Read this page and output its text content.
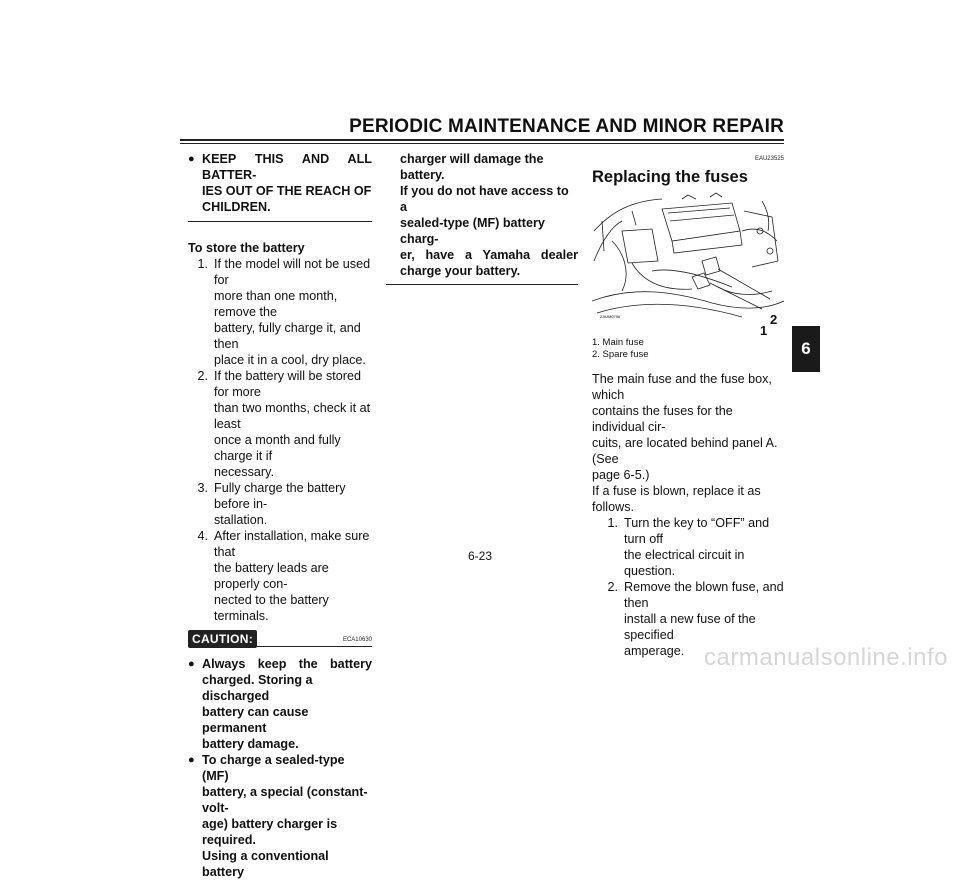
PERIODIC MAINTENANCE AND MINOR REPAIR
6
● KEEP THIS AND ALL BATTER-
IES OUT OF THE REACH OF
CHILDREN.
To store the battery
1. If the model will not be used for
more than one month, remove the
battery, fully charge it, and then
place it in a cool, dry place.
2. If the battery will be stored for more
than two months, check it at least
once a month and fully charge it if
necessary.
3. Fully charge the battery before in-
stallation.
4. After installation, make sure that
the battery leads are properly con-
nected to the battery terminals.
CAUTION:	ECA10630
● Always keep the battery
charged. Storing a discharged
battery can cause permanent
battery damage.
● To charge a sealed-type (MF)
battery, a special (constant-volt-
age) battery charger is required.
Using a conventional battery
charger will damage the battery.
If you do not have access to a
sealed-type (MF) battery charg-
er, have a Yamaha dealer
charge your battery.
EAU23525
Replacing the fuses
ZAUM0796
1
2
1. Main fuse
2. Spare fuse
The main fuse and the fuse box, which
contains the fuses for the individual cir-
cuits, are located behind panel A. (See
page 6-5.)
If a fuse is blown, replace it as follows.
1. Turn the key to “OFF” and turn off
the electrical circuit in question.
2. Remove the blown fuse, and then
install a new fuse of the specified
amperage.
6-23
carmanualsonline.info
